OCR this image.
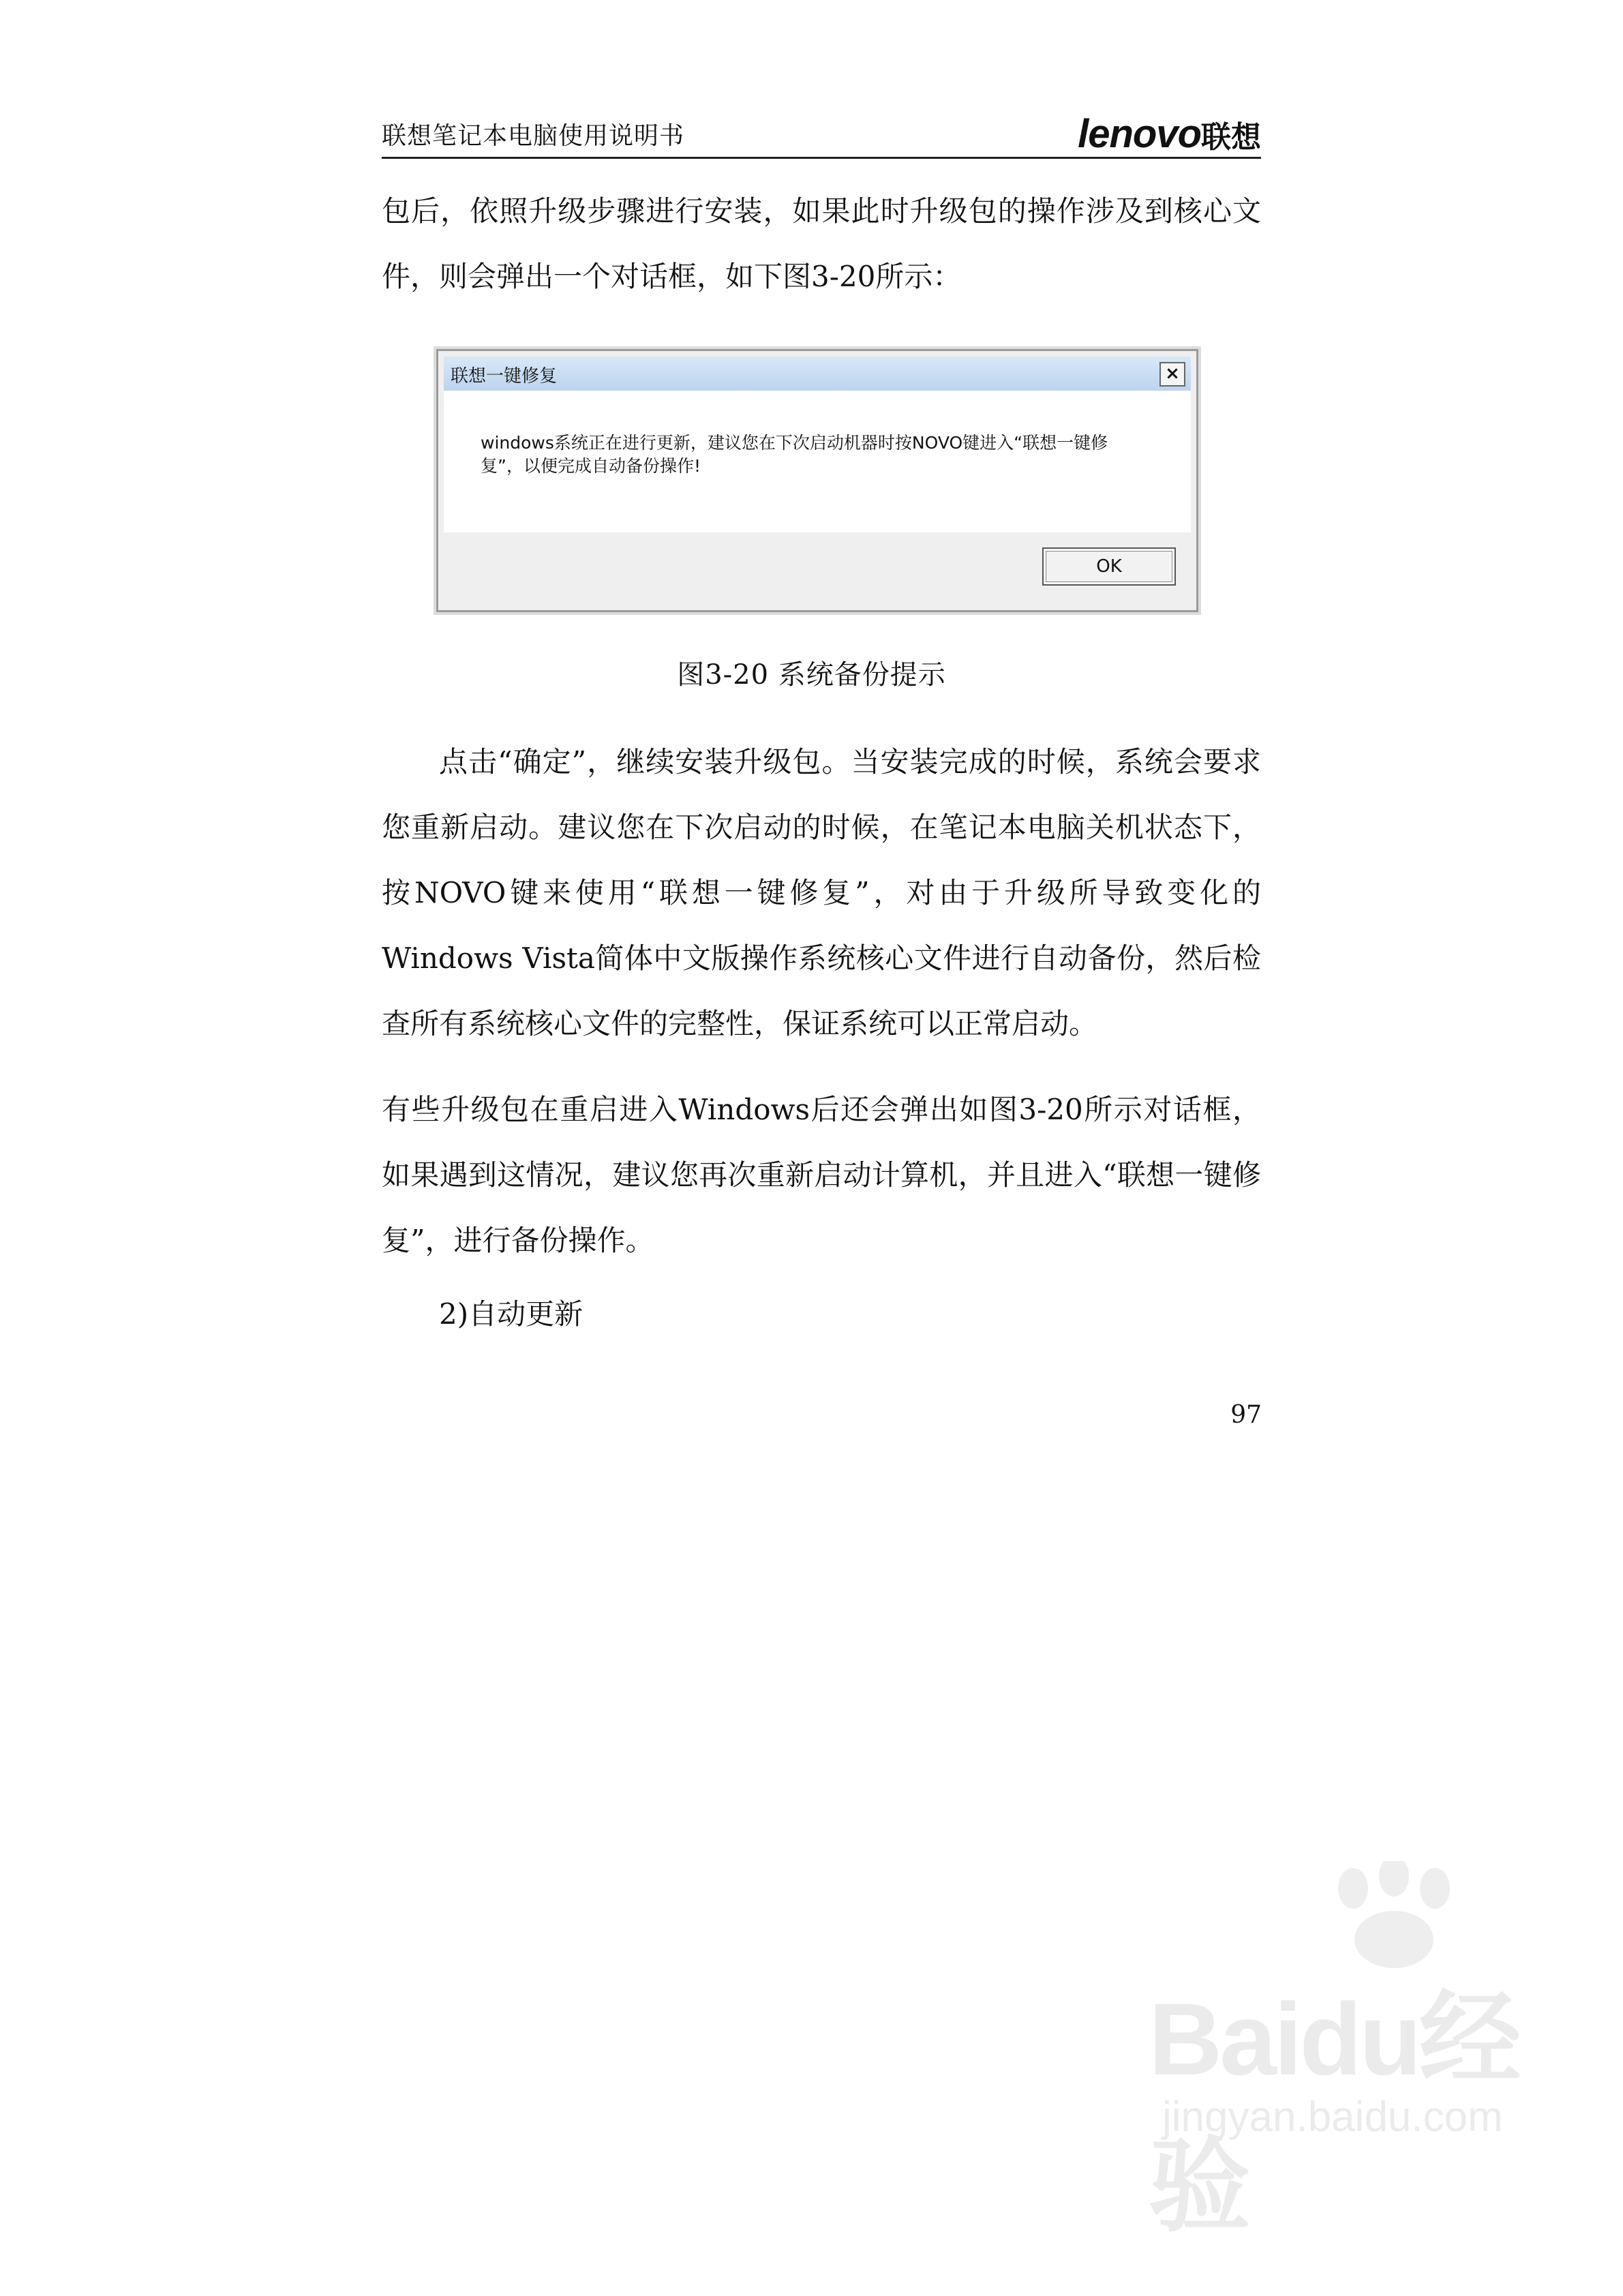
联想笔记本电脑使用说明书	lenovo 联想

包后，依照升级步骤进行安装，如果此时升级包的操作涉及到核心文件，则会弹出一个对话框，如下图3-20所示：

联想一键修复	×
windows系统正在进行更新，建议您在下次启动机器时按NOVO键进入“联想一键修复”，以便完成自动备份操作!
OK
图3-20 系统备份提示

点击“确定”，继续安装升级包。当安装完成的时候，系统会要求您重新启动。建议您在下次启动的时候，在笔记本电脑关机状态下，按NOVO键来使用“联想一键修复”，对由于升级所导致变化的Windows Vista简体中文版操作系统核心文件进行自动备份，然后检查所有系统核心文件的完整性，保证系统可以正常启动。

有些升级包在重启进入Windows后还会弹出如图3-20所示对话框，如果遇到这情况，建议您再次重新启动计算机，并且进入“联想一键修复”，进行备份操作。

2)自动更新

97
Baidu经验
jingyan.baidu.com
